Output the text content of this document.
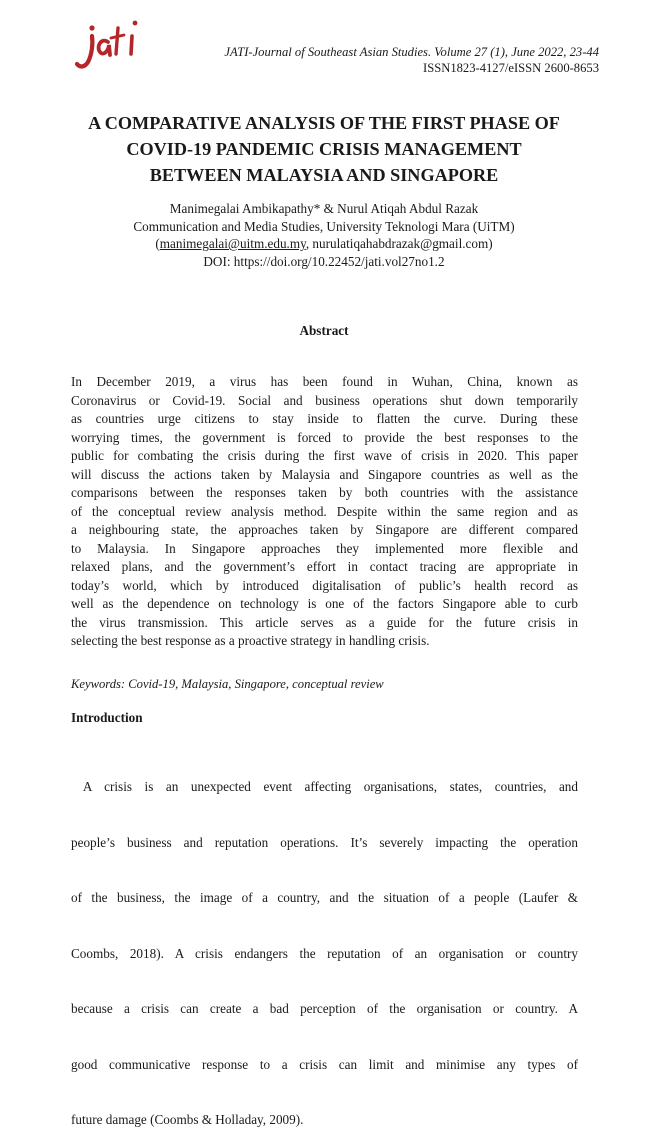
JATI-Journal of Southeast Asian Studies. Volume 27 (1), June 2022, 23-44
ISSN1823-4127/eISSN 2600-8653
A COMPARATIVE ANALYSIS OF THE FIRST PHASE OF
COVID-19 PANDEMIC CRISIS MANAGEMENT
BETWEEN MALAYSIA AND SINGAPORE
Manimegalai Ambikapathy* & Nurul Atiqah Abdul Razak
Communication and Media Studies, University Teknologi Mara (UiTM)
(manimegalai@uitm.edu.my, nurulatiqahabdrazak@gmail.com)
DOI: https://doi.org/10.22452/jati.vol27no1.2
Abstract
In December 2019, a virus has been found in Wuhan, China, known as
Coronavirus or Covid-19. Social and business operations shut down temporarily
as countries urge citizens to stay inside to flatten the curve. During these
worrying times, the government is forced to provide the best responses to the
public for combating the crisis during the first wave of crisis in 2020. This paper
will discuss the actions taken by Malaysia and Singapore countries as well as the
comparisons between the responses taken by both countries with the assistance
of the conceptual review analysis method. Despite within the same region and as
a neighbouring state, the approaches taken by Singapore are different compared
to Malaysia. In Singapore approaches they implemented more flexible and
relaxed plans, and the government’s effort in contact tracing are appropriate in
today’s world, which by introduced digitalisation of public’s health record as
well as the dependence on technology is one of the factors Singapore able to curb
the virus transmission. This article serves as a guide for the future crisis in
selecting the best response as a proactive strategy in handling crisis.
Keywords: Covid-19, Malaysia, Singapore, conceptual review
Introduction

A crisis is an unexpected event affecting organisations, states, countries, and

people’s business and reputation operations. It’s severely impacting the operation

of the business, the image of a country, and the situation of a people (Laufer &

Coombs, 2018). A crisis endangers the reputation of an organisation or country

because a crisis can create a bad perception of the organisation or country. A

good communicative response to a crisis can limit and minimise any types of

future damage (Coombs & Holladay, 2009).
